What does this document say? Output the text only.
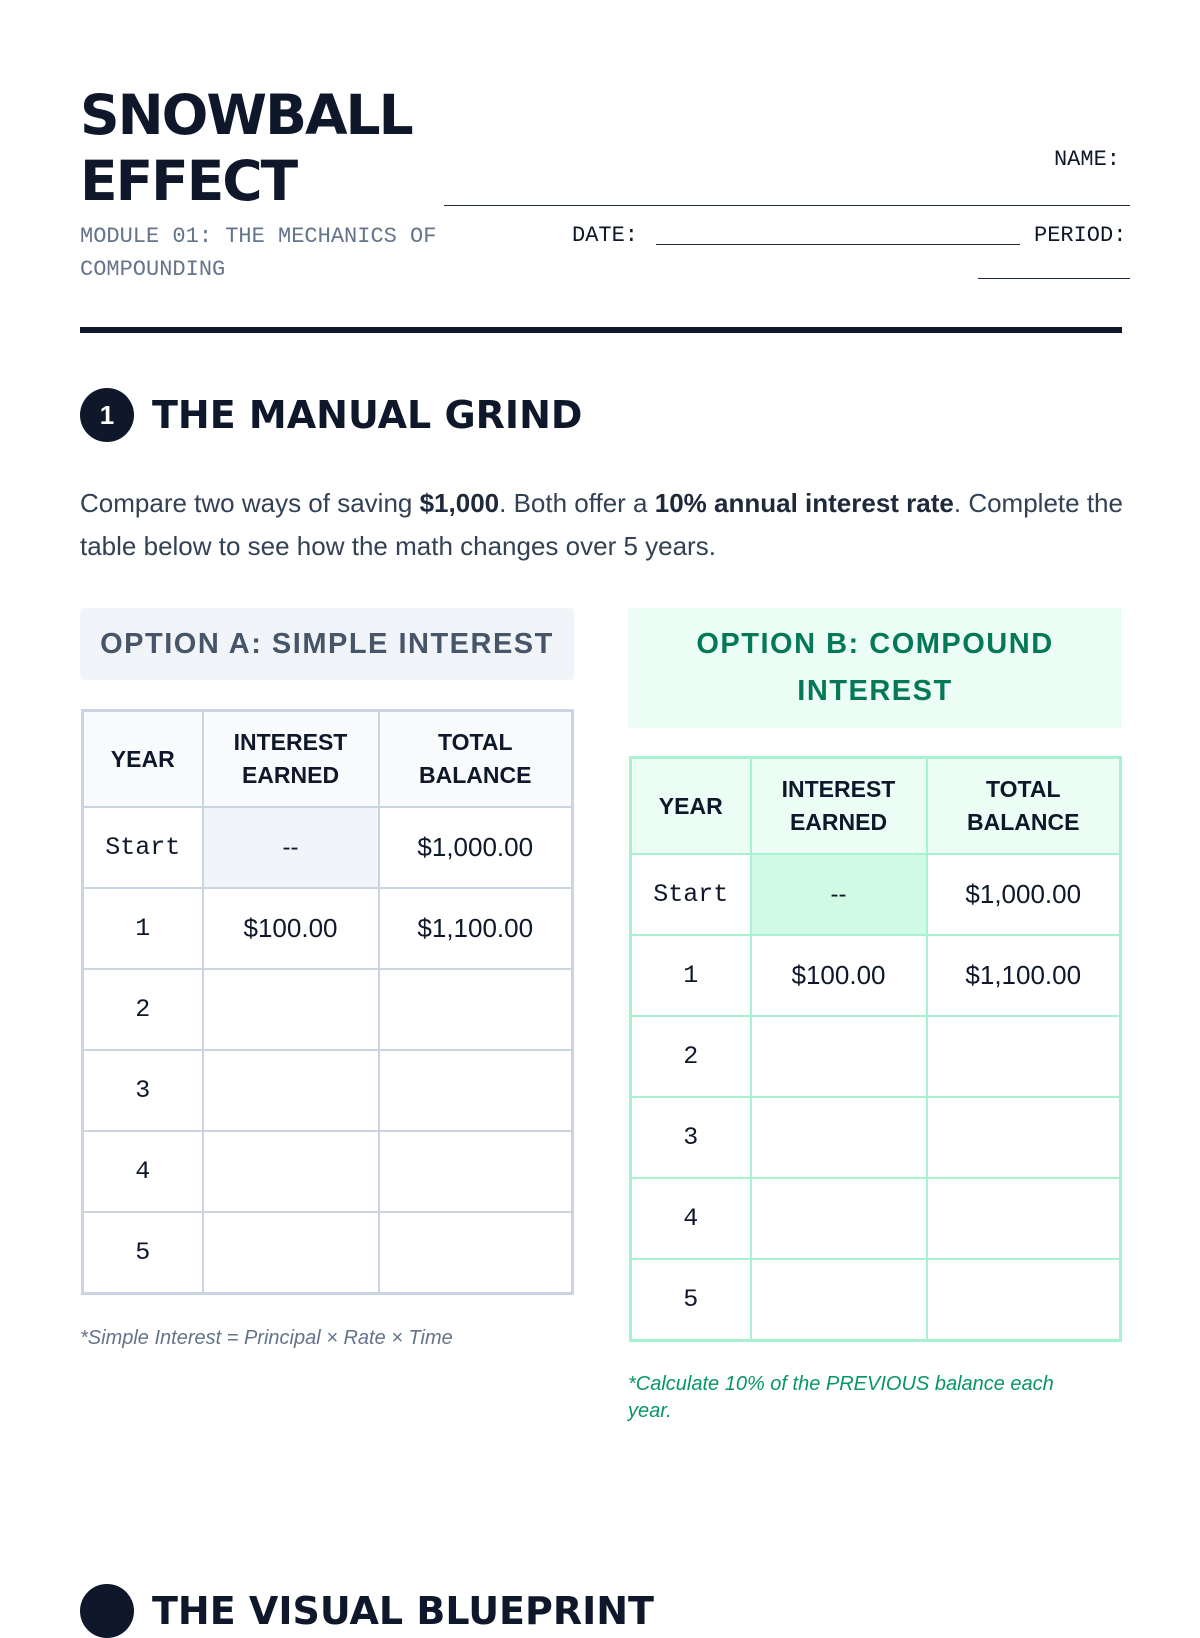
SNOWBALL
EFFECT
MODULE 01: THE MECHANICS OF COMPOUNDING
NAME:
DATE:	PERIOD:
1 THE MANUAL GRIND

Compare two ways of saving $1,000. Both offer a 10% annual interest rate. Complete the table below to see how the math changes over 5 years.

OPTION A: SIMPLE INTEREST
YEAR	INTEREST EARNED	TOTAL BALANCE
Start	--	$1,000.00
1	$100.00	$1,100.00
2		
3		
4		
5		
*Simple Interest = Principal × Rate × Time
OPTION B: COMPOUND INTEREST
YEAR	INTEREST EARNED	TOTAL BALANCE
Start	--	$1,000.00
1	$100.00	$1,100.00
2		
3		
4		
5		
*Calculate 10% of the PREVIOUS balance each year.
THE VISUAL BLUEPRINT
